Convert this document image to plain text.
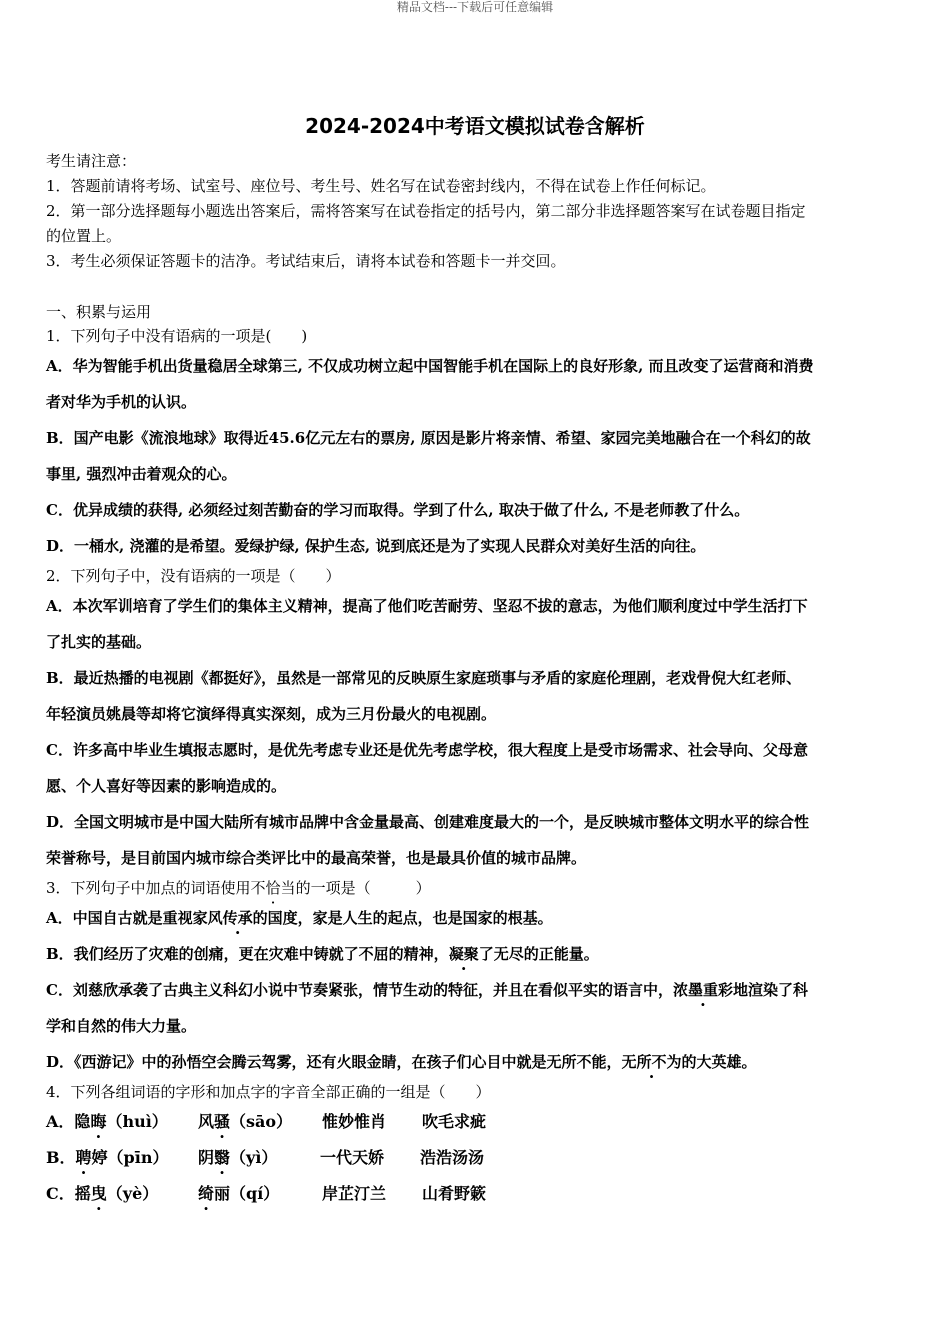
精品文档---下载后可任意编辑
2024-2024中考语文模拟试卷含解析

考生请注意：

1．答题前请将考场、试室号、座位号、考生号、姓名写在试卷密封线内，不得在试卷上作任何标记。

2．第一部分选择题每小题选出答案后，需将答案写在试卷指定的括号内，第二部分非选择题答案写在试卷题目指定

的位置上。

3．考生必须保证答题卡的洁净。考试结束后，请将本试卷和答题卡一并交回。

一、积累与运用

1．下列句子中没有语病的一项是(　　)

A．华为智能手机出货量稳居全球第三, 不仅成功树立起中国智能手机在国际上的良好形象, 而且改变了运营商和消费

者对华为手机的认识。

B．国产电影《流浪地球》取得近45.6亿元左右的票房, 原因是影片将亲情、希望、家园完美地融合在一个科幻的故

事里, 强烈冲击着观众的心。

C．优异成绩的获得, 必须经过刻苦勤奋的学习而取得。学到了什么, 取决于做了什么, 不是老师教了什么。

D．一桶水, 浇灌的是希望。爱绿护绿, 保护生态, 说到底还是为了实现人民群众对美好生活的向往。

2．下列句子中，没有语病的一项是（　　）

A．本次军训培育了学生们的集体主义精神，提高了他们吃苦耐劳、坚忍不拔的意志，为他们顺利度过中学生活打下

了扎实的基础。

B．最近热播的电视剧《都挺好》，虽然是一部常见的反映原生家庭琐事与矛盾的家庭伦理剧，老戏骨倪大红老师、

年轻演员姚晨等却将它演绎得真实深刻，成为三月份最火的电视剧。

C．许多高中毕业生填报志愿时，是优先考虑专业还是优先考虑学校，很大程度上是受市场需求、社会导向、父母意

愿、个人喜好等因素的影响造成的。

D．全国文明城市是中国大陆所有城市品牌中含金量最高、创建难度最大的一个，是反映城市整体文明水平的综合性

荣誉称号，是目前国内城市综合类评比中的最高荣誉，也是最具价值的城市品牌。

3．下列句子中加点的词语使用不恰当的一项是（　　　）

A．中国自古就是重视家风传承的国度，家是人生的起点，也是国家的根基。

B．我们经历了灾难的创痛，更在灾难中铸就了不屈的精神，凝聚了无尽的正能量。

C．刘慈欣承袭了古典主义科幻小说中节奏紧张，情节生动的特征，并且在看似平实的语言中，浓墨重彩地渲染了科

学和自然的伟大力量。

D．《西游记》中的孙悟空会腾云驾雾，还有火眼金睛，在孩子们心目中就是无所不能，无所不为的大英雄。

4．下列各组词语的字形和加点字的字音全部正确的一组是（　　）

A．隐晦（huì）	风骚（sāo）	惟妙惟肖	吹毛求疵
B．聘婷（pīn）	阴翳（yì）	一代天娇	浩浩汤汤
C．摇曳（yè）	绮丽（qí）	岸芷汀兰	山肴野簌
